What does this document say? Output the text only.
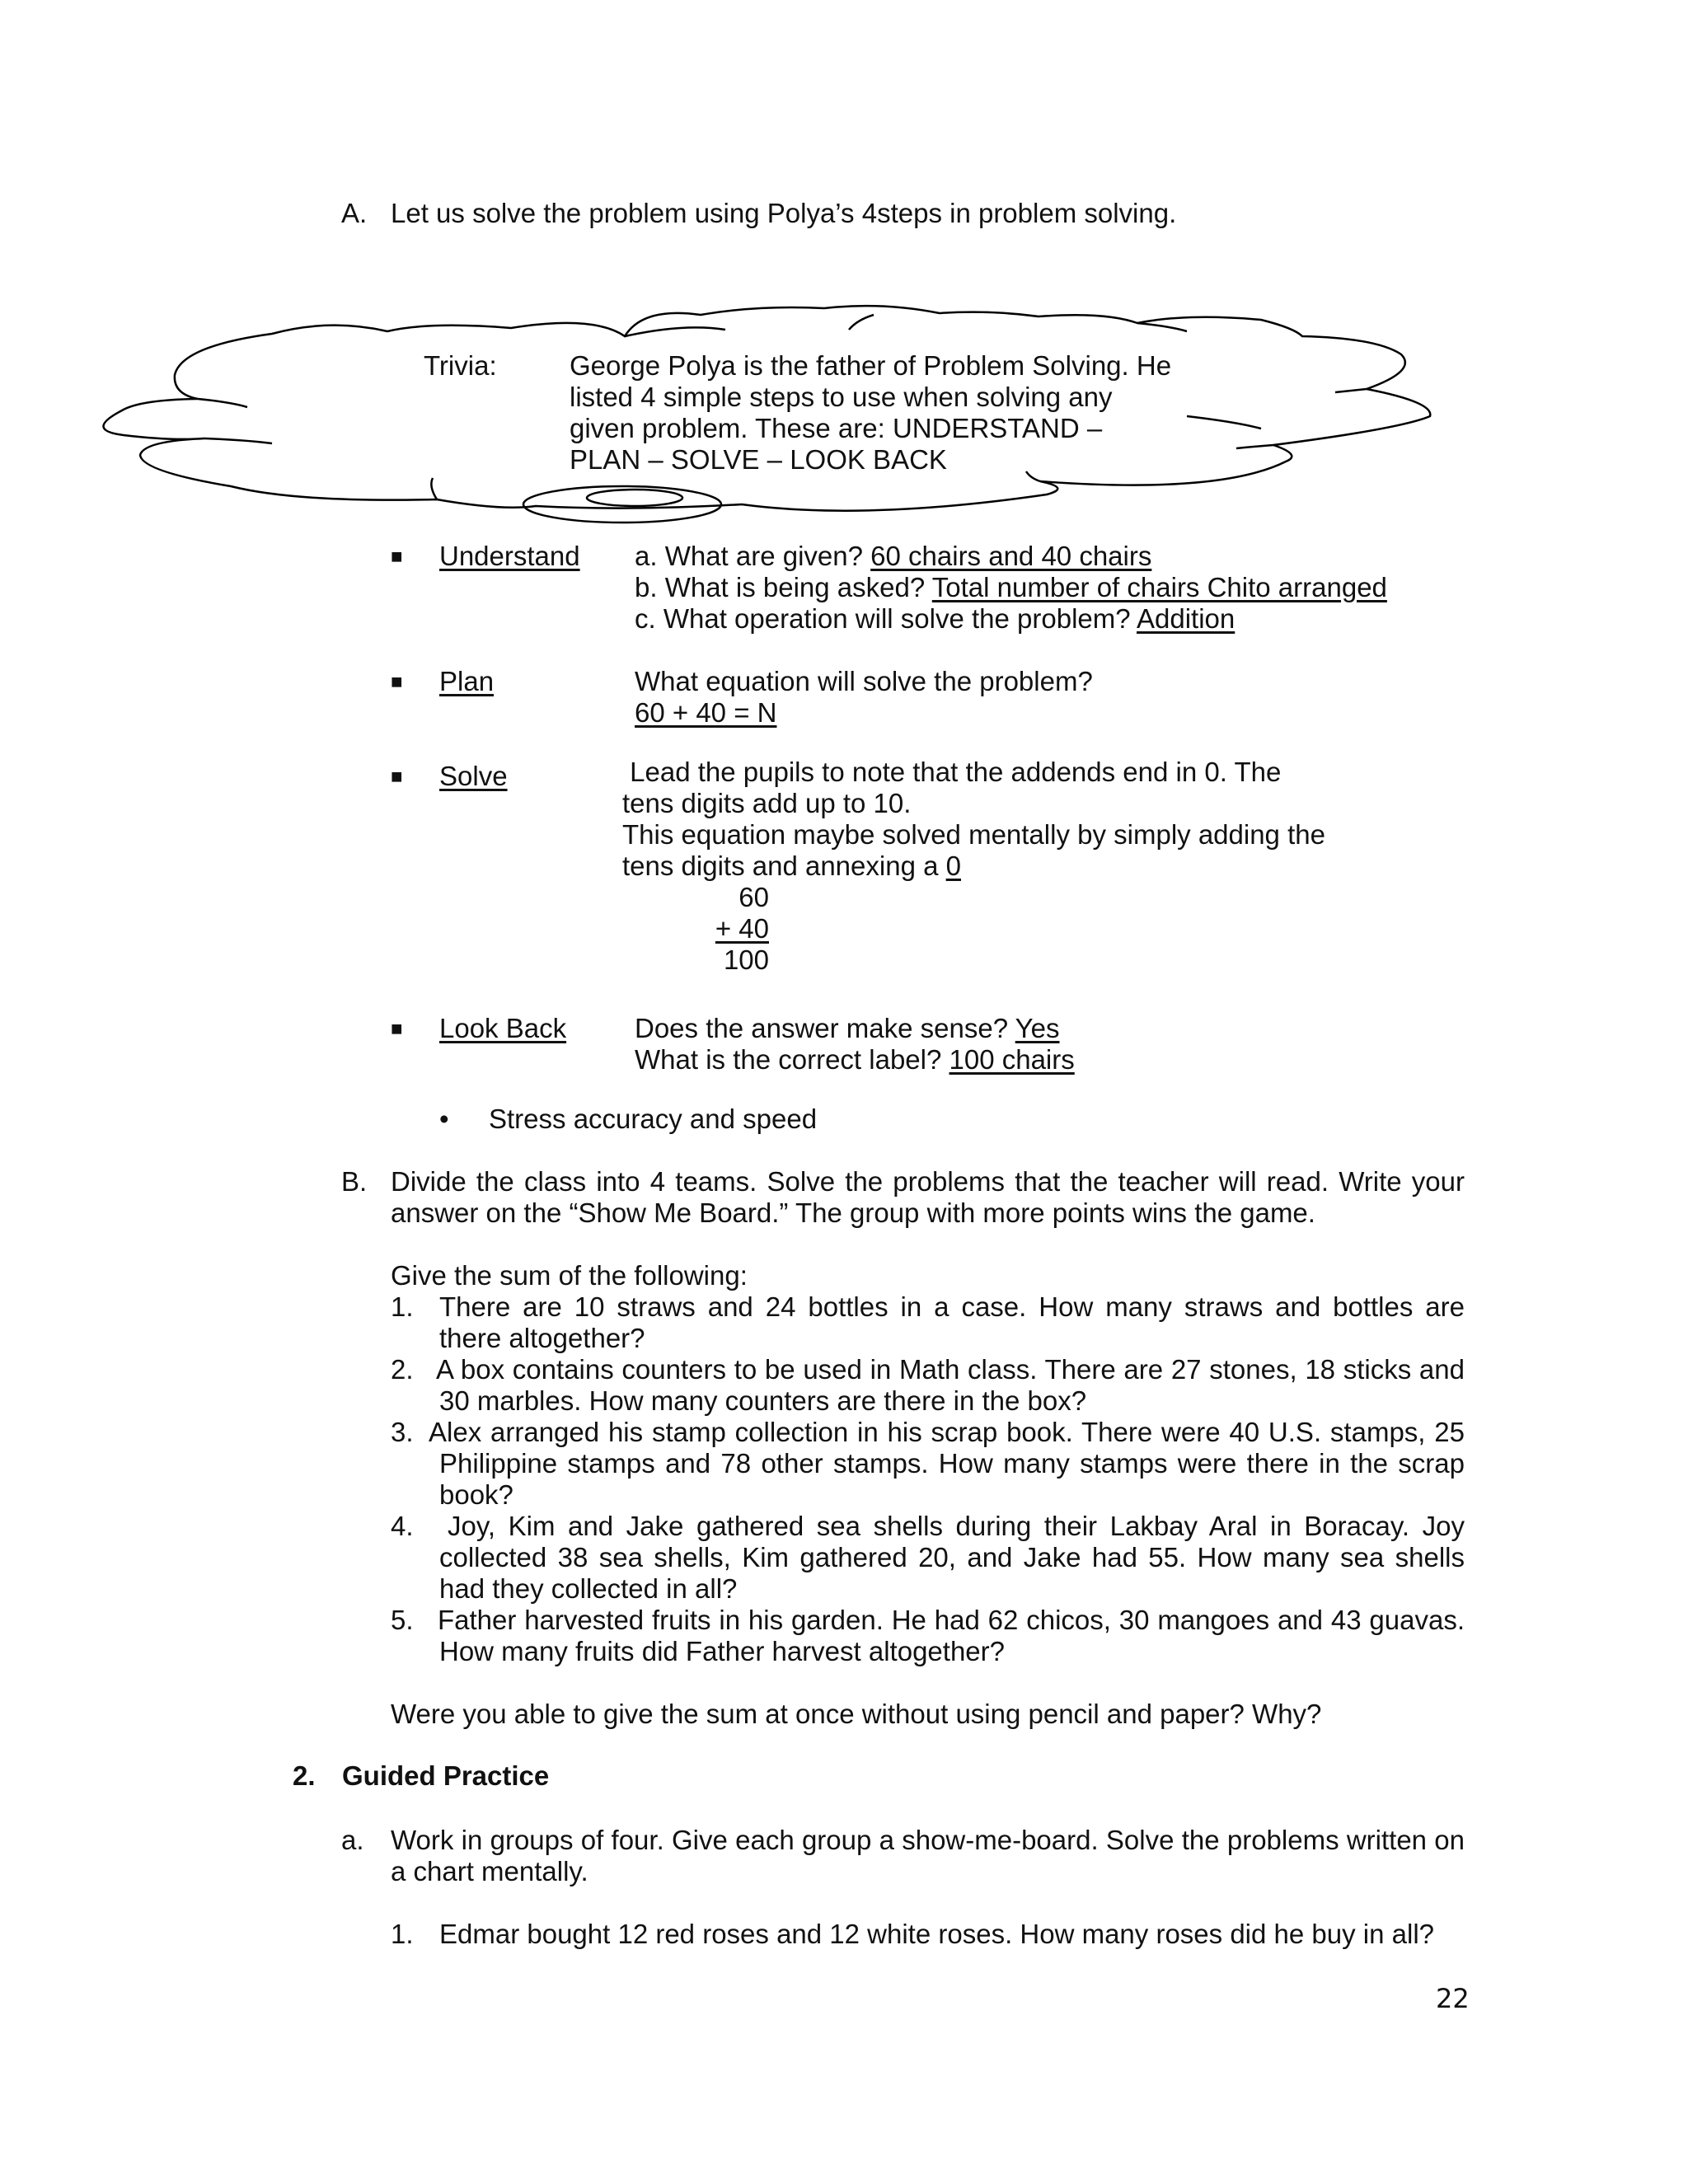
A. Let us solve the problem using Polya’s 4steps in problem solving.
Trivia:	George Polya is the father of Problem Solving. He
listed 4 simple steps to use when solving any
given problem. These are: UNDERSTAND –
PLAN – SOLVE – LOOK BACK
■ Understand a. What are given? 60 chairs and 40 chairs
b. What is being asked? Total number of chairs Chito arranged
c. What operation will solve the problem? Addition
■ Plan	What equation will solve the problem?
60 + 40 = N
■ Solve	Lead the pupils to note that the addends end in 0. The
tens digits add up to 10.
This equation maybe solved mentally by simply adding the
tens digits and annexing a 0
60
+ 40
100
■ Look Back	Does the answer make sense? Yes
What is the correct label? 100 chairs
• Stress accuracy and speed
B. Divide the class into 4 teams. Solve the problems that the teacher will read. Write your
answer on the “Show Me Board.” The group with more points wins the game.
Give the sum of the following:
1. There are 10 straws and 24 bottles in a case. How many straws and bottles are
there altogether?
2. A box contains counters to be used in Math class. There are 27 stones, 18 sticks and
30 marbles. How many counters are there in the box?
3. Alex arranged his stamp collection in his scrap book. There were 40 U.S. stamps, 25
Philippine stamps and 78 other stamps. How many stamps were there in the scrap
book?
4. Joy, Kim and Jake gathered sea shells during their Lakbay Aral in Boracay. Joy
collected 38 sea shells, Kim gathered 20, and Jake had 55. How many sea shells
had they collected in all?
5. Father harvested fruits in his garden. He had 62 chicos, 30 mangoes and 43 guavas.
How many fruits did Father harvest altogether?
Were you able to give the sum at once without using pencil and paper? Why?
2. Guided Practice
a. Work in groups of four. Give each group a show-me-board. Solve the problems written on
a chart mentally.
1. Edmar bought 12 red roses and 12 white roses. How many roses did he buy in all?
22
